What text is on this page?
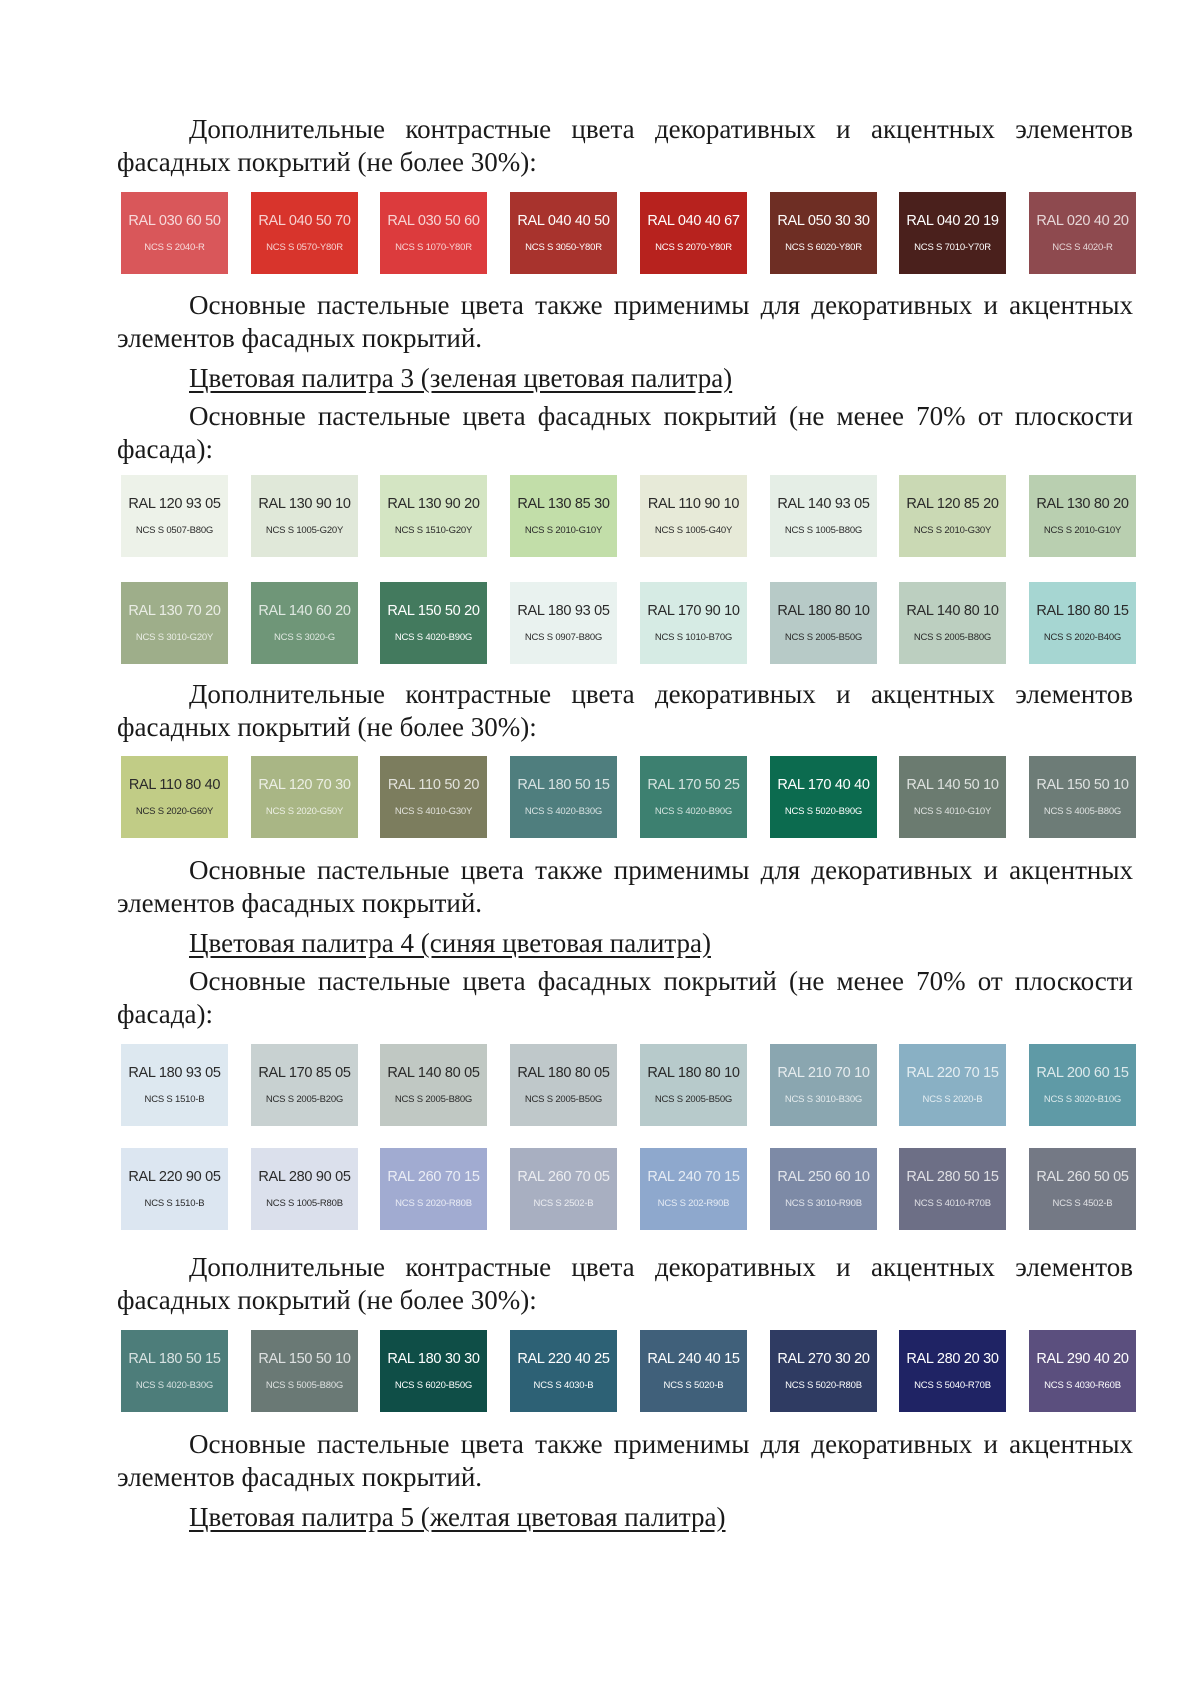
Дополнительные контрастные цвета декоративных и акцентных элементов фасадных покрытий (не более 30%):

RAL 030 60 50
NCS S 2040-R
RAL 040 50 70
NCS S 0570-Y80R
RAL 030 50 60
NCS S 1070-Y80R
RAL 040 40 50
NCS S 3050-Y80R
RAL 040 40 67
NCS S 2070-Y80R
RAL 050 30 30
NCS S 6020-Y80R
RAL 040 20 19
NCS S 7010-Y70R
RAL 020 40 20
NCS S 4020-R

Основные пастельные цвета также применимы для декоративных и акцентных элементов фасадных покрытий.

Цветовая палитра 3 (зеленая цветовая палитра)

Основные пастельные цвета фасадных покрытий (не менее 70% от плоскости фасада):

RAL 120 93 05
NCS S 0507-B80G
RAL 130 90 10
NCS S 1005-G20Y
RAL 130 90 20
NCS S 1510-G20Y
RAL 130 85 30
NCS S 2010-G10Y
RAL 110 90 10
NCS S 1005-G40Y
RAL 140 93 05
NCS S 1005-B80G
RAL 120 85 20
NCS S 2010-G30Y
RAL 130 80 20
NCS S 2010-G10Y
RAL 130 70 20
NCS S 3010-G20Y
RAL 140 60 20
NCS S 3020-G
RAL 150 50 20
NCS S 4020-B90G
RAL 180 93 05
NCS S 0907-B80G
RAL 170 90 10
NCS S 1010-B70G
RAL 180 80 10
NCS S 2005-B50G
RAL 140 80 10
NCS S 2005-B80G
RAL 180 80 15
NCS S 2020-B40G

Дополнительные контрастные цвета декоративных и акцентных элементов фасадных покрытий (не более 30%):

RAL 110 80 40
NCS S 2020-G60Y
RAL 120 70 30
NCS S 2020-G50Y
RAL 110 50 20
NCS S 4010-G30Y
RAL 180 50 15
NCS S 4020-B30G
RAL 170 50 25
NCS S 4020-B90G
RAL 170 40 40
NCS S 5020-B90G
RAL 140 50 10
NCS S 4010-G10Y
RAL 150 50 10
NCS S 4005-B80G

Основные пастельные цвета также применимы для декоративных и акцентных элементов фасадных покрытий.

Цветовая палитра 4 (синяя цветовая палитра)

Основные пастельные цвета фасадных покрытий (не менее 70% от плоскости фасада):

RAL 180 93 05
NCS S 1510-B
RAL 170 85 05
NCS S 2005-B20G
RAL 140 80 05
NCS S 2005-B80G
RAL 180 80 05
NCS S 2005-B50G
RAL 180 80 10
NCS S 2005-B50G
RAL 210 70 10
NCS S 3010-B30G
RAL 220 70 15
NCS S 2020-B
RAL 200 60 15
NCS S 3020-B10G
RAL 220 90 05
NCS S 1510-B
RAL 280 90 05
NCS S 1005-R80B
RAL 260 70 15
NCS S 2020-R80B
RAL 260 70 05
NCS S 2502-B
RAL 240 70 15
NCS S 202-R90B
RAL 250 60 10
NCS S 3010-R90B
RAL 280 50 15
NCS S 4010-R70B
RAL 260 50 05
NCS S 4502-B

Дополнительные контрастные цвета декоративных и акцентных элементов фасадных покрытий (не более 30%):

RAL 180 50 15
NCS S 4020-B30G
RAL 150 50 10
NCS S 5005-B80G
RAL 180 30 30
NCS S 6020-B50G
RAL 220 40 25
NCS S 4030-B
RAL 240 40 15
NCS S 5020-B
RAL 270 30 20
NCS S 5020-R80B
RAL 280 20 30
NCS S 5040-R70B
RAL 290 40 20
NCS S 4030-R60B

Основные пастельные цвета также применимы для декоративных и акцентных элементов фасадных покрытий.

Цветовая палитра 5 (желтая цветовая палитра)
